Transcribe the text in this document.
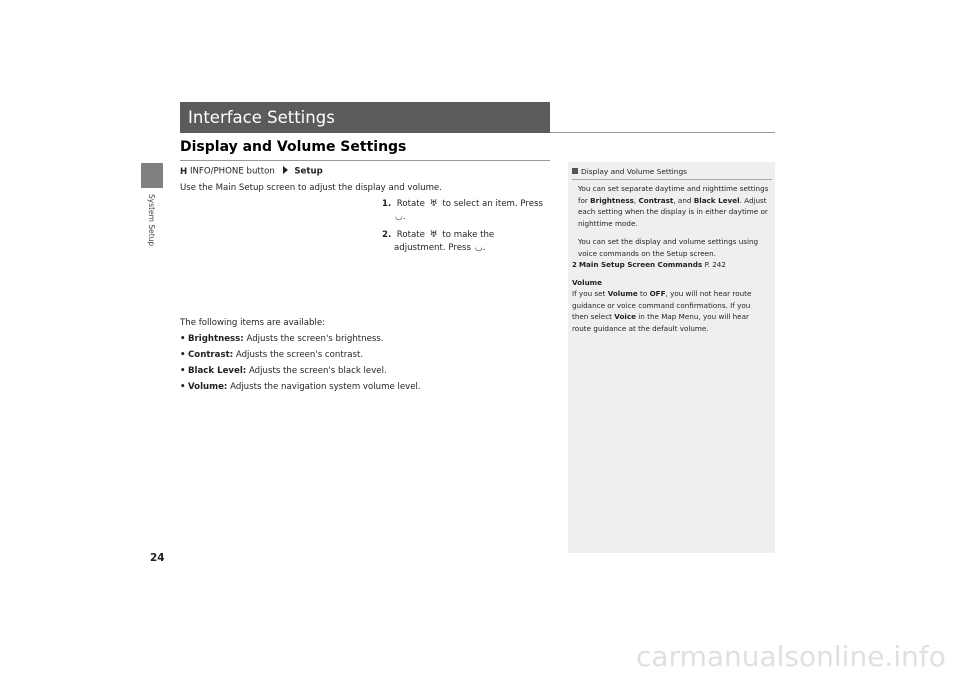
System Setup
Interface Settings
Display and Volume Settings
H INFO/PHONE button Setup
Use the Main Setup screen to adjust the display and volume.
1. Rotate ♅ to select an item. Press
◡.
2. Rotate ♅ to make the
adjustment. Press ◡.
The following items are available:
• Brightness: Adjusts the screen's brightness.
• Contrast: Adjusts the screen's contrast.
• Black Level: Adjusts the screen's black level.
• Volume: Adjusts the navigation system volume level.
Display and Volume Settings
You can set separate daytime and nighttime settings for Brightness, Contrast, and Black Level. Adjust each setting when the display is in either daytime or nighttime mode.
You can set the display and volume settings using voice commands on the Setup screen.
2 Main Setup Screen Commands P. 242
Volume
If you set Volume to OFF, you will not hear route guidance or voice command confirmations. If you then select Voice in the Map Menu, you will hear route guidance at the default volume.
24
carmanualsonline.info
